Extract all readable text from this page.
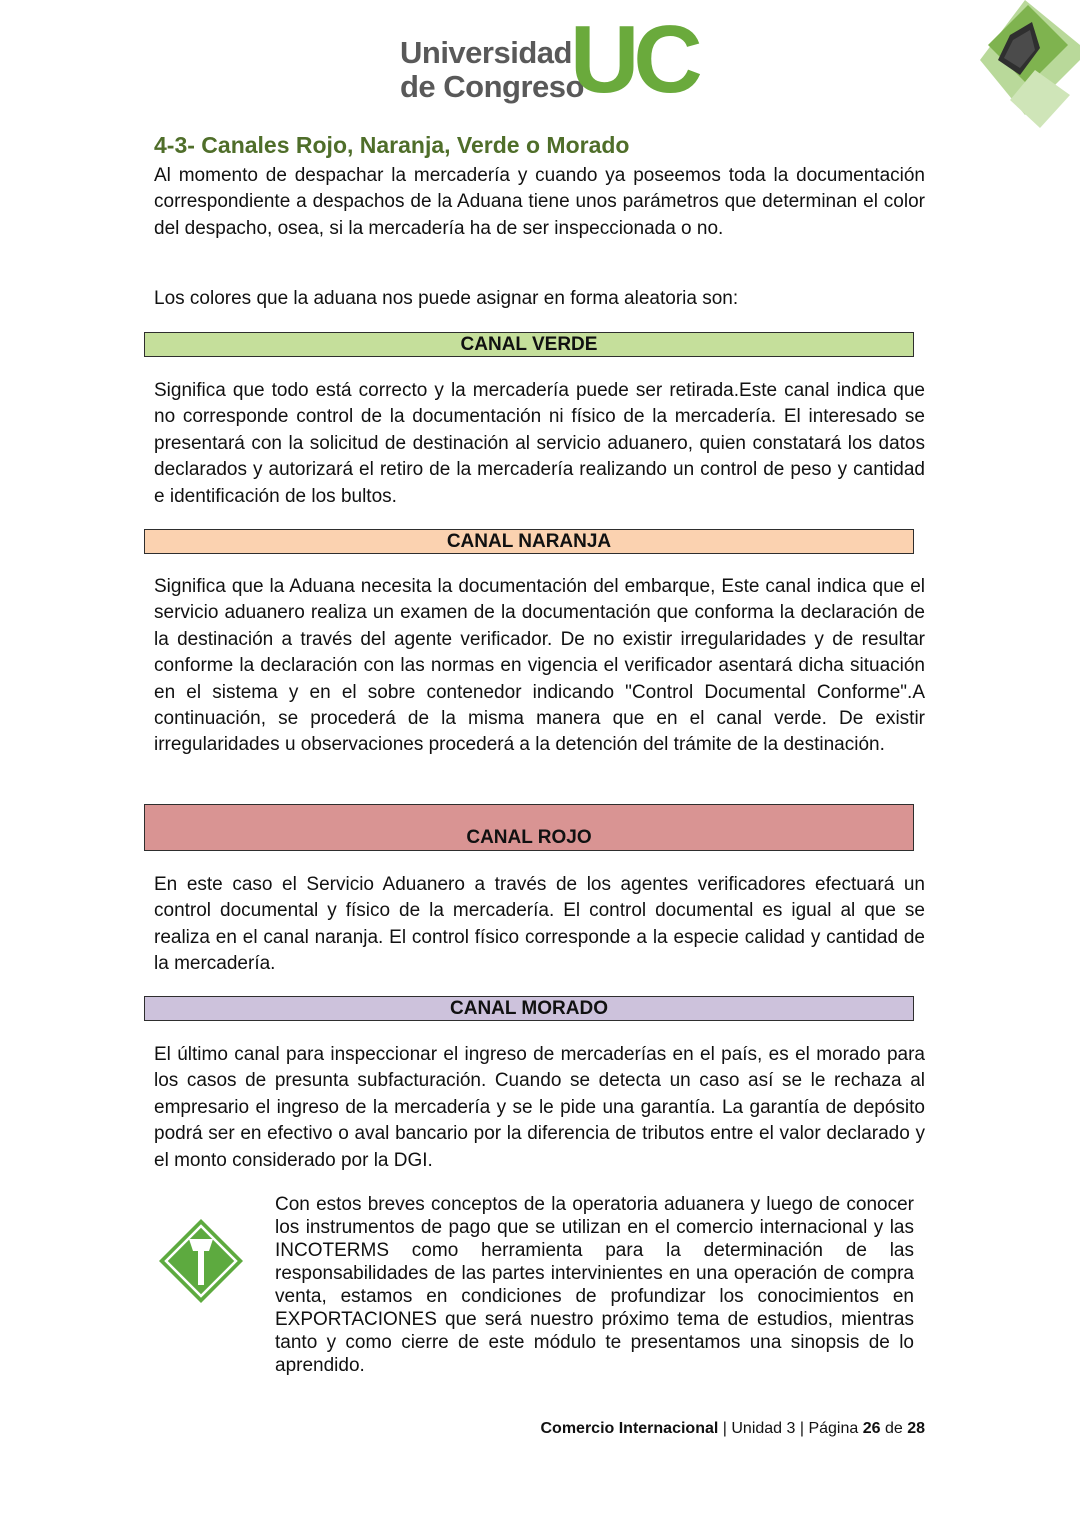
Universidad
de Congreso
UC
4-3- Canales Rojo, Naranja, Verde o Morado
Al momento de despachar la mercadería y cuando ya poseemos toda la documentación correspondiente a despachos de la Aduana tiene unos parámetros que determinan el color del despacho, osea, si la mercadería ha de ser inspeccionada o no.
Los colores que la aduana nos puede asignar en forma aleatoria son:
CANAL VERDE
Significa que todo está correcto y la mercadería puede ser retirada.Este canal indica que no corresponde control de la documentación ni físico de la mercadería. El interesado se presentará con la solicitud de destinación al servicio aduanero, quien constatará los datos declarados y autorizará el retiro de la mercadería realizando un control de peso y cantidad e identificación de los bultos.
CANAL NARANJA
Significa que la Aduana necesita la documentación del embarque, Este canal indica que el servicio aduanero realiza un examen de la documentación que conforma la declaración de la destinación a través del agente verificador. De no existir irregularidades y de resultar conforme la declaración con las normas en vigencia el verificador asentará dicha situación en el sistema y en el sobre contenedor indicando "Control Documental Conforme".A continuación, se procederá de la misma manera que en el canal verde. De existir irregularidades u observaciones procederá a la detención del trámite de la destinación.
CANAL ROJO
En este caso el Servicio Aduanero a través de los agentes verificadores efectuará un control documental y físico de la mercadería. El control documental es igual al que se realiza en el canal naranja. El control físico corresponde a la especie calidad y cantidad de la mercadería.
CANAL MORADO
El último canal para inspeccionar el ingreso de mercaderías en el país, es el morado para los casos de presunta subfacturación. Cuando se detecta un caso así se le rechaza al empresario el ingreso de la mercadería y se le pide una garantía. La garantía de depósito podrá ser en efectivo o aval bancario por la diferencia de tributos entre el valor declarado y el monto considerado por la DGI.
Con estos breves conceptos de la operatoria aduanera y luego de conocer los instrumentos de pago que se utilizan en el comercio internacional y las INCOTERMS como herramienta para la determinación de las responsabilidades de las partes intervinientes en una operación de compra venta, estamos en condiciones de profundizar los conocimientos en EXPORTACIONES que será nuestro próximo tema de estudios, mientras tanto y como cierre de este módulo te presentamos una sinopsis de lo aprendido.
Comercio Internacional | Unidad 3 | Página 26 de 28
